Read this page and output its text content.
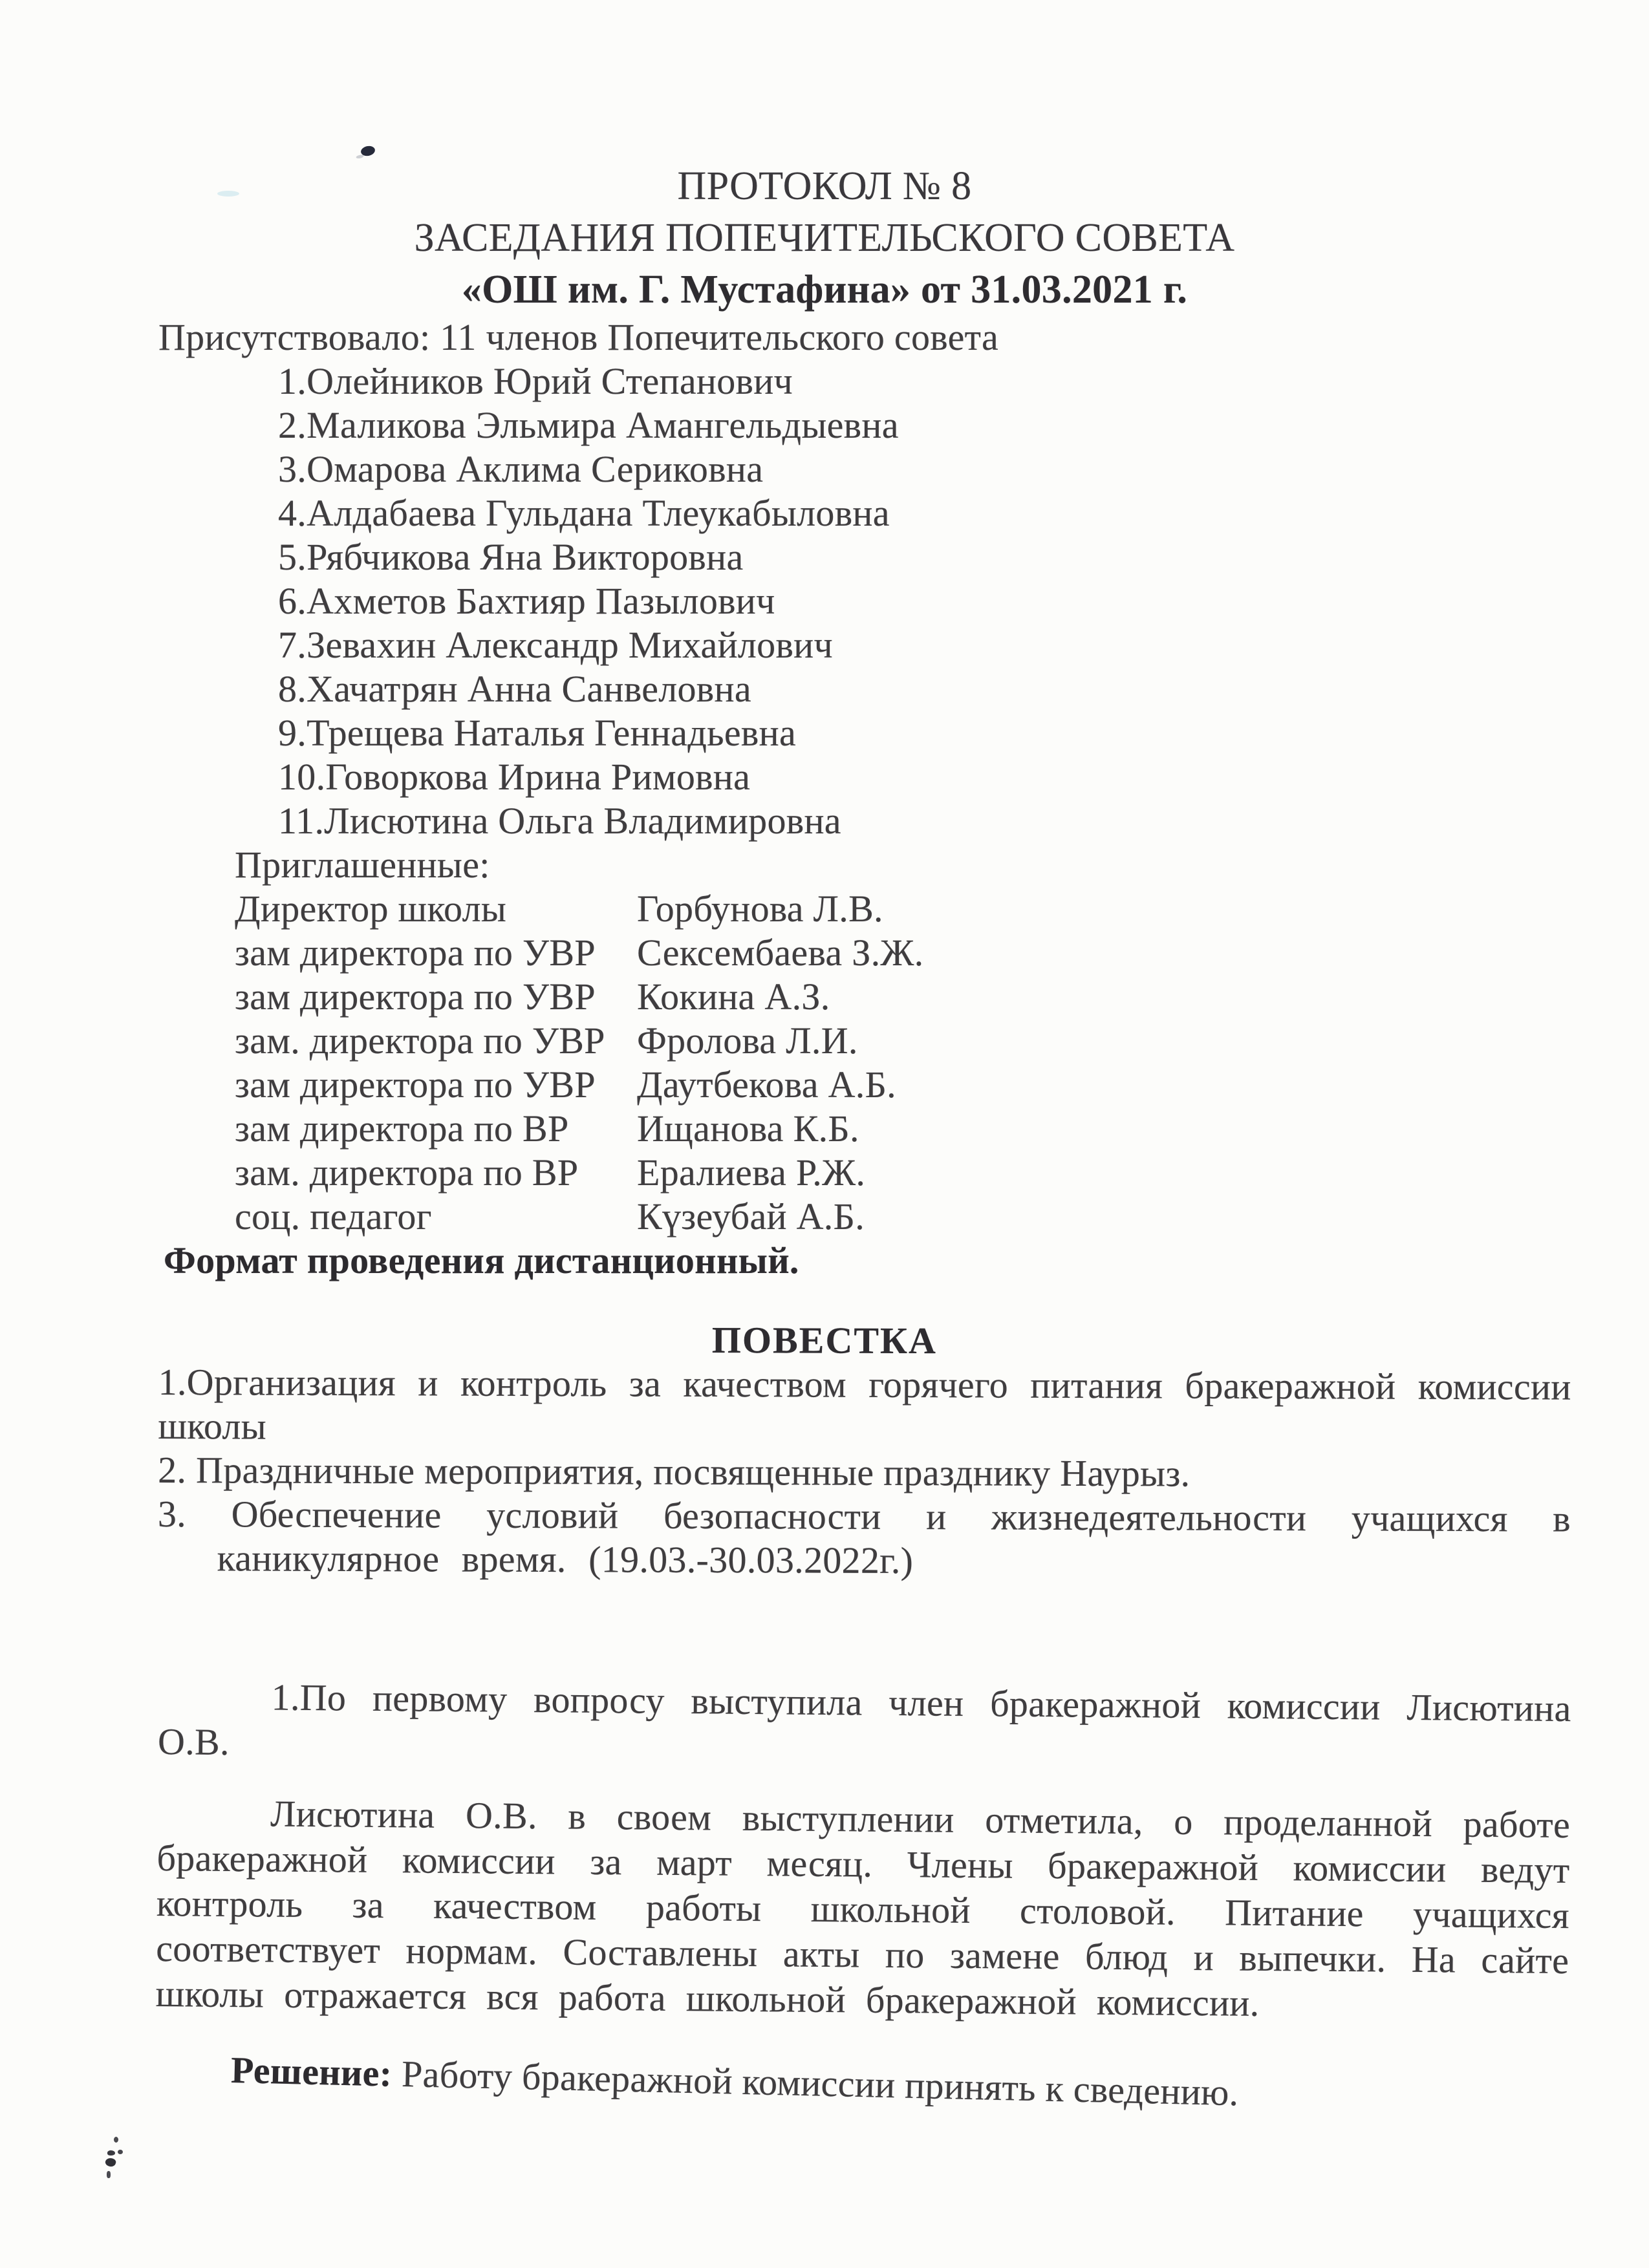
ПРОТОКОЛ № 8
ЗАСЕДАНИЯ ПОПЕЧИТЕЛЬСКОГО СОВЕТА
«ОШ им. Г. Мустафина» от 31.03.2021 г.
Присутствовало: 11 членов Попечительского совета
1.Олейников Юрий Степанович
2.Маликова Эльмира Амангельдыевна
3.Омарова Аклима Сериковна
4.Алдабаева Гульдана Тлеукабыловна
5.Рябчикова Яна Викторовна
6.Ахметов Бахтияр Пазылович
7.Зевахин Александр Михайлович
8.Хачатрян Анна Санвеловна
9.Трещева Наталья Геннадьевна
10.Говоркова Ирина Римовна
11.Лисютина Ольга Владимировна
Приглашенные:
Директор школы	Горбунова Л.В.
зам директора по УВР	Сексембаева З.Ж.
зам директора по УВР	Кокина А.З.
зам. директора по УВР Фролова Л.И.
зам директора по УВР	Даутбекова А.Б.
зам директора по ВР	Ищанова К.Б.
зам. директора по ВР	Ералиева Р.Ж.
соц. педагог	Күзеубай А.Б.
Формат проведения дистанционный.
ПОВЕСТКА
1.Организация и контроль за качеством горячего питания бракеражной комиссии школы
2. Праздничные мероприятия, посвященные празднику Наурыз.
3. Обеспечение условий безопасности и жизнедеятельности учащихся в каникулярное время. (19.03.-30.03.2022г.)
1.По первому вопросу выступила член бракеражной комиссии Лисютина О.В.
Лисютина О.В. в своем выступлении отметила, о проделанной работе бракеражной комиссии за март месяц. Члены бракеражной комиссии ведут контроль за качеством работы школьной столовой. Питание учащихся соответствует нормам. Составлены акты по замене блюд и выпечки. На сайте школы отражается вся работа школьной бракеражной комиссии.
Решение: Работу бракеражной комиссии принять к сведению.
